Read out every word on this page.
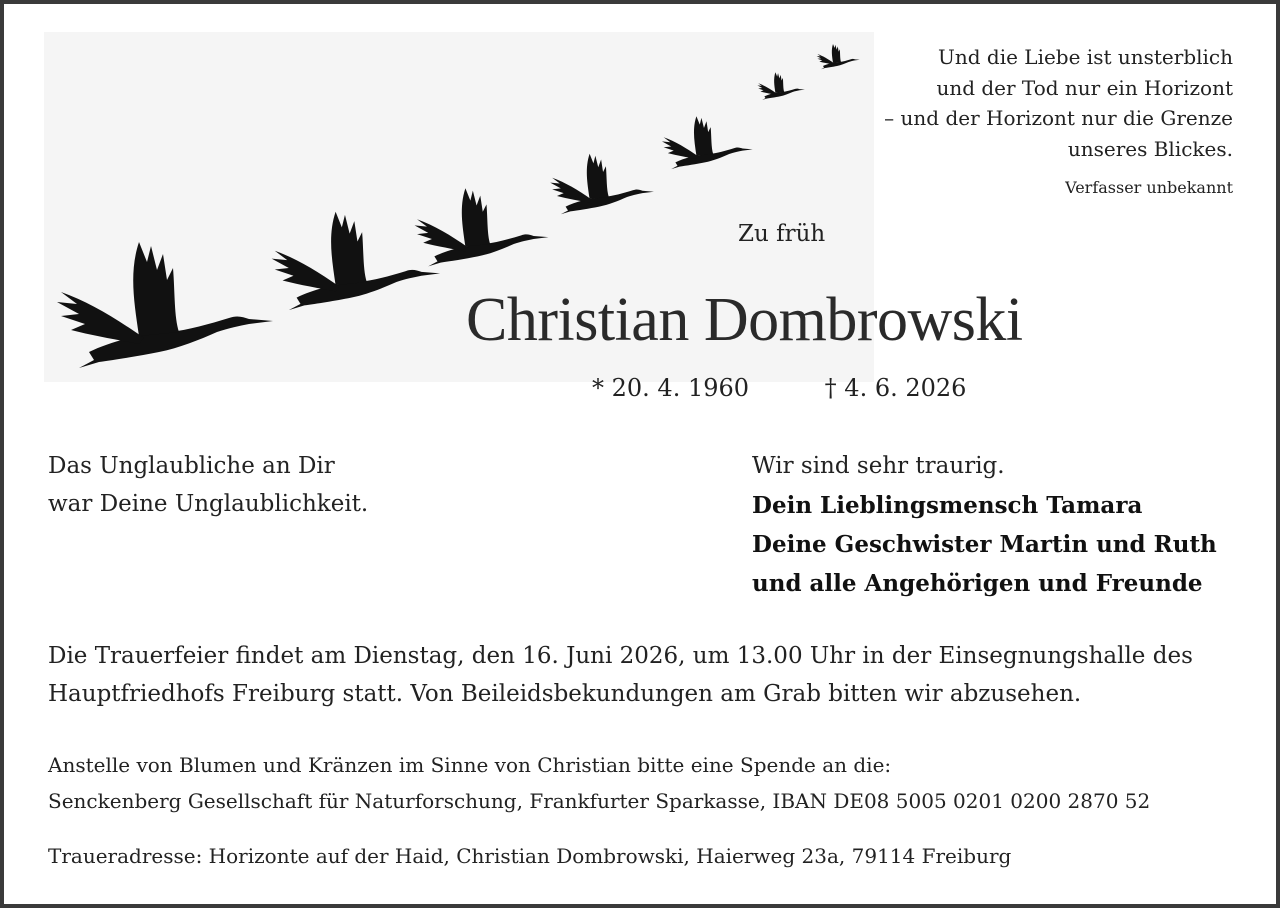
Und die Liebe ist unsterblich
und der Tod nur ein Horizont
– und der Horizont nur die Grenze
unseres Blickes.
Verfasser unbekannt
Zu früh
Christian Dombrowski
* 20. 4. 1960	† 4. 6. 2026
Das Unglaubliche an Dir
war Deine Unglaublichkeit.
Wir sind sehr traurig.
Dein Lieblingsmensch Tamara
Deine Geschwister Martin und Ruth
und alle Angehörigen und Freunde
Die Trauerfeier findet am Dienstag, den 16. Juni 2026, um 13.00 Uhr in der Einsegnungshalle des
Hauptfriedhofs Freiburg statt. Von Beileidsbekundungen am Grab bitten wir abzusehen.
Anstelle von Blumen und Kränzen im Sinne von Christian bitte eine Spende an die:
Senckenberg Gesellschaft für Naturforschung, Frankfurter Sparkasse, IBAN DE08 5005 0201 0200 2870 52
Traueradresse: Horizonte auf der Haid, Christian Dombrowski, Haierweg 23a, 79114 Freiburg
